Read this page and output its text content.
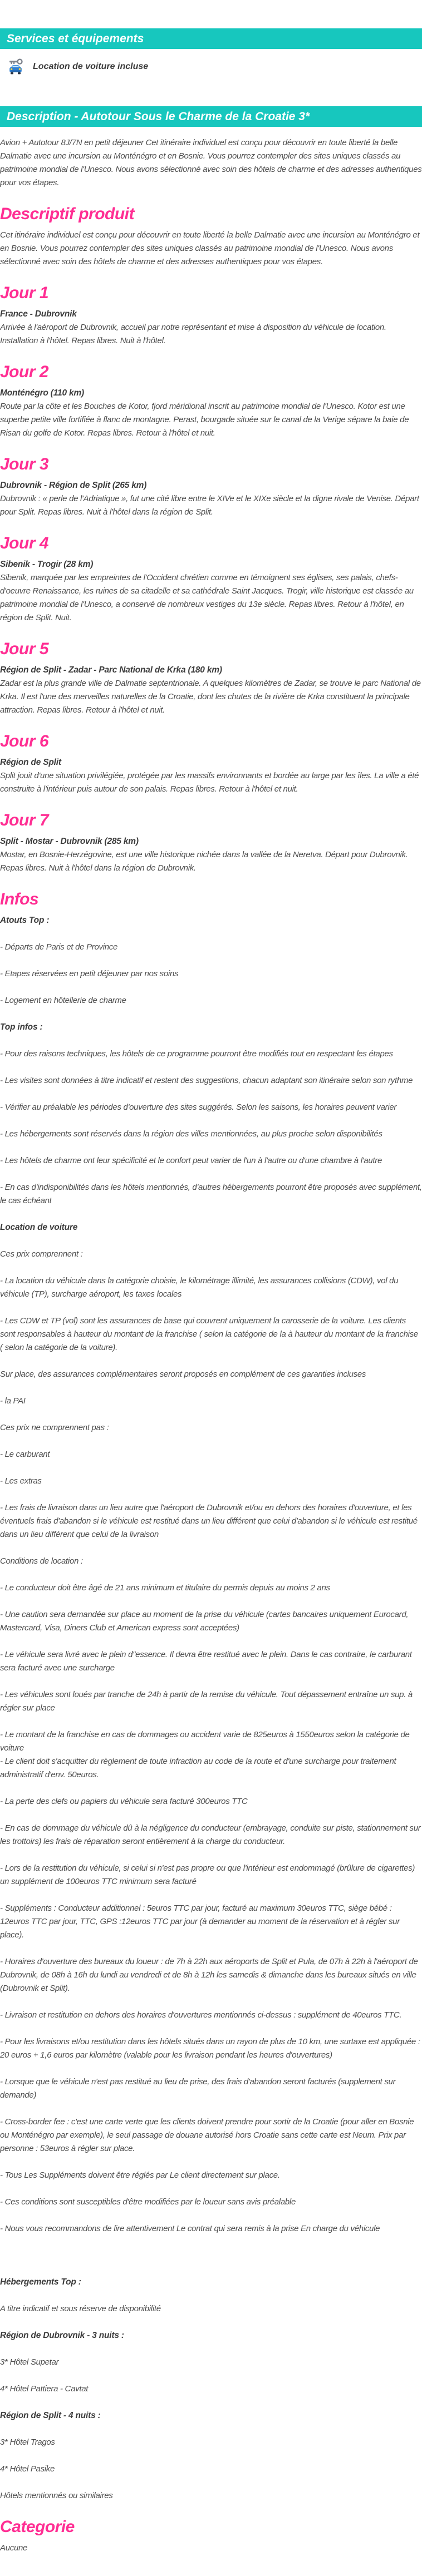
Services et équipements
Location de voiture incluse
Description - Autotour Sous le Charme de la Croatie 3*

Avion + Autotour 8J/7N en petit déjeuner Cet itinéraire individuel est conçu pour découvrir en toute liberté la belle Dalmatie avec une incursion au Monténégro et en Bosnie. Vous pourrez contempler des sites uniques classés au patrimoine mondial de l'Unesco. Nous avons sélectionné avec soin des hôtels de charme et des adresses authentiques pour vos étapes.

Descriptif produit

Cet itinéraire individuel est conçu pour découvrir en toute liberté la belle Dalmatie avec une incursion au Monténégro et en Bosnie. Vous pourrez contempler des sites uniques classés au patrimoine mondial de l'Unesco. Nous avons sélectionné avec soin des hôtels de charme et des adresses authentiques pour vos étapes.

Jour 1
France - Dubrovnik

Arrivée à l'aéroport de Dubrovnik, accueil par notre représentant et mise à disposition du véhicule de location. Installation à l'hôtel. Repas libres. Nuit à l'hôtel.

Jour 2
Monténégro (110 km)

Route par la côte et les Bouches de Kotor, fjord méridional inscrit au patrimoine mondial de l'Unesco. Kotor est une superbe petite ville fortifiée à flanc de montagne. Perast, bourgade située sur le canal de la Verige sépare la baie de Risan du golfe de Kotor. Repas libres. Retour à l'hôtel et nuit.

Jour 3
Dubrovnik - Région de Split (265 km)

Dubrovnik : « perle de l'Adriatique », fut une cité libre entre le XIVe et le XIXe siècle et la digne rivale de Venise. Départ pour Split. Repas libres. Nuit à l'hôtel dans la région de Split.

Jour 4
Sibenik - Trogir (28 km)

Sibenik, marquée par les empreintes de l'Occident chrétien comme en témoignent ses églises, ses palais, chefs-d'oeuvre Renaissance, les ruines de sa citadelle et sa cathédrale Saint Jacques. Trogir, ville historique est classée au patrimoine mondial de l'Unesco, a conservé de nombreux vestiges du 13e siècle. Repas libres. Retour à l'hôtel, en région de Split. Nuit.

Jour 5
Région de Split - Zadar - Parc National de Krka (180 km)

Zadar est la plus grande ville de Dalmatie septentrionale. A quelques kilomètres de Zadar, se trouve le parc National de Krka. Il est l'une des merveilles naturelles de la Croatie, dont les chutes de la rivière de Krka constituent la principale attraction. Repas libres. Retour à l'hôtel et nuit.

Jour 6
Région de Split

Split jouit d'une situation privilégiée, protégée par les massifs environnants et bordée au large par les îles. La ville a été construite à l'intérieur puis autour de son palais. Repas libres. Retour à l'hôtel et nuit.

Jour 7
Split - Mostar - Dubrovnik (285 km)

Mostar, en Bosnie-Herzégovine, est une ville historique nichée dans la vallée de la Neretva. Départ pour Dubrovnik. Repas libres. Nuit à l'hôtel dans la région de Dubrovnik.

Infos
Atouts Top :

- Départs de Paris et de Province

- Etapes réservées en petit déjeuner par nos soins

- Logement en hôtellerie de charme

Top infos :

- Pour des raisons techniques, les hôtels de ce programme pourront être modifiés tout en respectant les étapes

- Les visites sont données à titre indicatif et restent des suggestions, chacun adaptant son itinéraire selon son rythme

- Vérifier au préalable les périodes d'ouverture des sites suggérés. Selon les saisons, les horaires peuvent varier

- Les hébergements sont réservés dans la région des villes mentionnées, au plus proche selon disponibilités

- Les hôtels de charme ont leur spécificité et le confort peut varier de l'un à l'autre ou d'une chambre à l'autre

- En cas d'indisponibilités dans les hôtels mentionnés, d'autres hébergements pourront être proposés avec supplément, le cas échéant

Location de voiture

Ces prix comprennent :

- La location du véhicule dans la catégorie choisie, le kilométrage illimité, les assurances collisions (CDW), vol du véhicule (TP), surcharge aéroport, les taxes locales

- Les CDW et TP (vol) sont les assurances de base qui couvrent uniquement la carosserie de la voiture. Les clients sont responsables à hauteur du montant de la franchise ( selon la catégorie de la à hauteur du montant de la franchise ( selon la catégorie de la voiture).

Sur place, des assurances complémentaires seront proposés en complément de ces garanties incluses

- la PAI

Ces prix ne comprennent pas :

- Le carburant

- Les extras

- Les frais de livraison dans un lieu autre que l'aéroport de Dubrovnik et/ou en dehors des horaires d'ouverture, et les éventuels frais d'abandon si le véhicule est restitué dans un lieu différent que celui d'abandon si le véhicule est restitué dans un lieu différent que celui de la livraison

Conditions de location :

- Le conducteur doit être âgé de 21 ans minimum et titulaire du permis depuis au moins 2 ans

- Une caution sera demandée sur place au moment de la prise du véhicule (cartes bancaires uniquement Eurocard, Mastercard, Visa, Diners Club et American express sont acceptées)

- Le véhicule sera livré avec le plein d"essence. Il devra être restitué avec le plein. Dans le cas contraire, le carburant sera facturé avec une surcharge

- Les véhicules sont loués par tranche de 24h à partir de la remise du véhicule. Tout dépassement entraîne un sup. à régler sur place

- Le montant de la franchise en cas de dommages ou accident varie de 825euros à 1550euros selon la catégorie de voiture

- Le client doit s'acquitter du règlement de toute infraction au code de la route et d'une surcharge pour traitement administratif d'env. 50euros.

- La perte des clefs ou papiers du véhicule sera facturé 300euros TTC

- En cas de dommage du véhicule dû à la négligence du conducteur (embrayage, conduite sur piste, stationnement sur les trottoirs) les frais de réparation seront entièrement à la charge du conducteur.

- Lors de la restitution du véhicule, si celui si n'est pas propre ou que l'intérieur est endommagé (brûlure de cigarettes) un supplément de 100euros TTC minimum sera facturé

- Suppléments : Conducteur additionnel : 5euros TTC par jour, facturé au maximum 30euros TTC, siège bébé : 12euros TTC par jour, TTC, GPS :12euros TTC par jour (à demander au moment de la réservation et à régler sur place).

- Horaires d'ouverture des bureaux du loueur : de 7h à 22h aux aéroports de Split et Pula, de 07h à 22h à l'aéroport de Dubrovnik, de 08h à 16h du lundi au vendredi et de 8h à 12h les samedis & dimanche dans les bureaux situés en ville (Dubrovnik et Split).

- Livraison et restitution en dehors des horaires d'ouvertures mentionnés ci-dessus : supplément de 40euros TTC.

- Pour les livraisons et/ou restitution dans les hôtels situés dans un rayon de plus de 10 km, une surtaxe est appliquée : 20 euros + 1,6 euros par kilomètre (valable pour les livraison pendant les heures d'ouvertures)

- Lorsque que le véhicule n'est pas restitué au lieu de prise, des frais d'abandon seront facturés (supplement sur demande)

- Cross-border fee : c'est une carte verte que les clients doivent prendre pour sortir de la Croatie (pour aller en Bosnie ou Monténégro par exemple), le seul passage de douane autorisé hors Croatie sans cette carte est Neum. Prix par personne : 53euros à régler sur place.

- Tous Les Suppléments doivent être réglés par Le client directement sur place.

- Ces conditions sont susceptibles d'être modifiées par le loueur sans avis préalable

- Nous vous recommandons de lire attentivement Le contrat qui sera remis à la prise En charge du véhicule

Hébergements Top :

A titre indicatif et sous réserve de disponibilité

Région de Dubrovnik - 3 nuits :

3* Hôtel Supetar

4* Hôtel Pattiera - Cavtat

Région de Split - 4 nuits :

3* Hôtel Tragos

4* Hôtel Pasike

Hôtels mentionnés ou similaires

Categorie

Aucune
